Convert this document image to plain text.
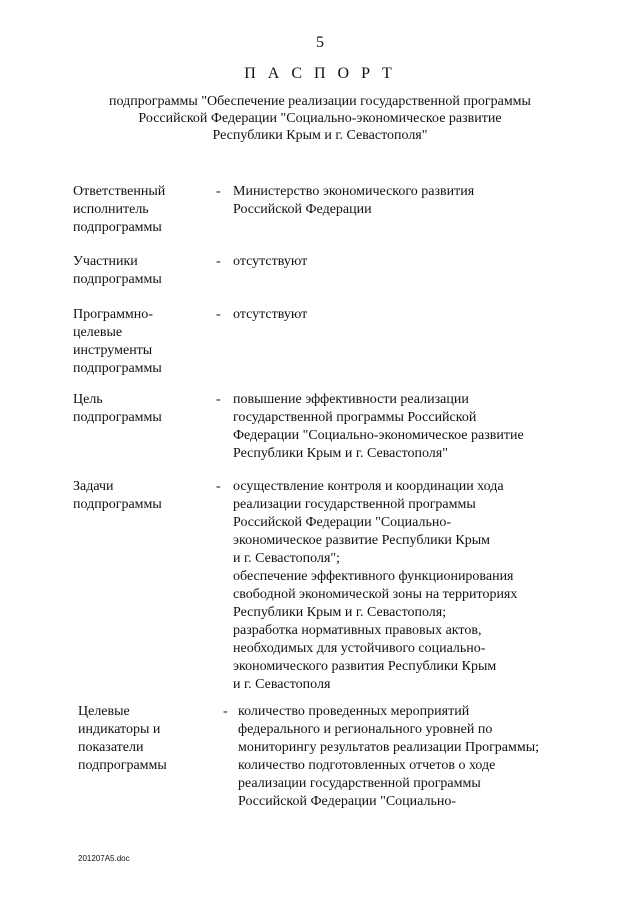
5
П А С П О Р Т
подпрограммы "Обеспечение реализации государственной программы
Российской Федерации "Социально-экономическое развитие
Республики Крым и г. Севастополя"
Ответственный
исполнитель
подпрограммы
- Министерство экономического развития
Российской Федерации
Участники
подпрограммы
- отсутствуют
Программно-
целевые
инструменты
подпрограммы
- отсутствуют
Цель
подпрограммы
- повышение эффективности реализации
государственной программы Российской
Федерации "Социально-экономическое развитие
Республики Крым и г. Севастополя"
Задачи
подпрограммы
- осуществление контроля и координации хода
реализации государственной программы
Российской Федерации "Социально-
экономическое развитие Республики Крым
и г. Севастополя";
обеспечение эффективного функционирования
свободной экономической зоны на территориях
Республики Крым и г. Севастополя;
разработка нормативных правовых актов,
необходимых для устойчивого социально-
экономического развития Республики Крым
и г. Севастополя
Целевые
индикаторы и
показатели
подпрограммы
- количество проведенных мероприятий
федерального и регионального уровней по
мониторингу результатов реализации Программы;
количество подготовленных отчетов о ходе
реализации государственной программы
Российской Федерации "Социально-
201207A5.doc
